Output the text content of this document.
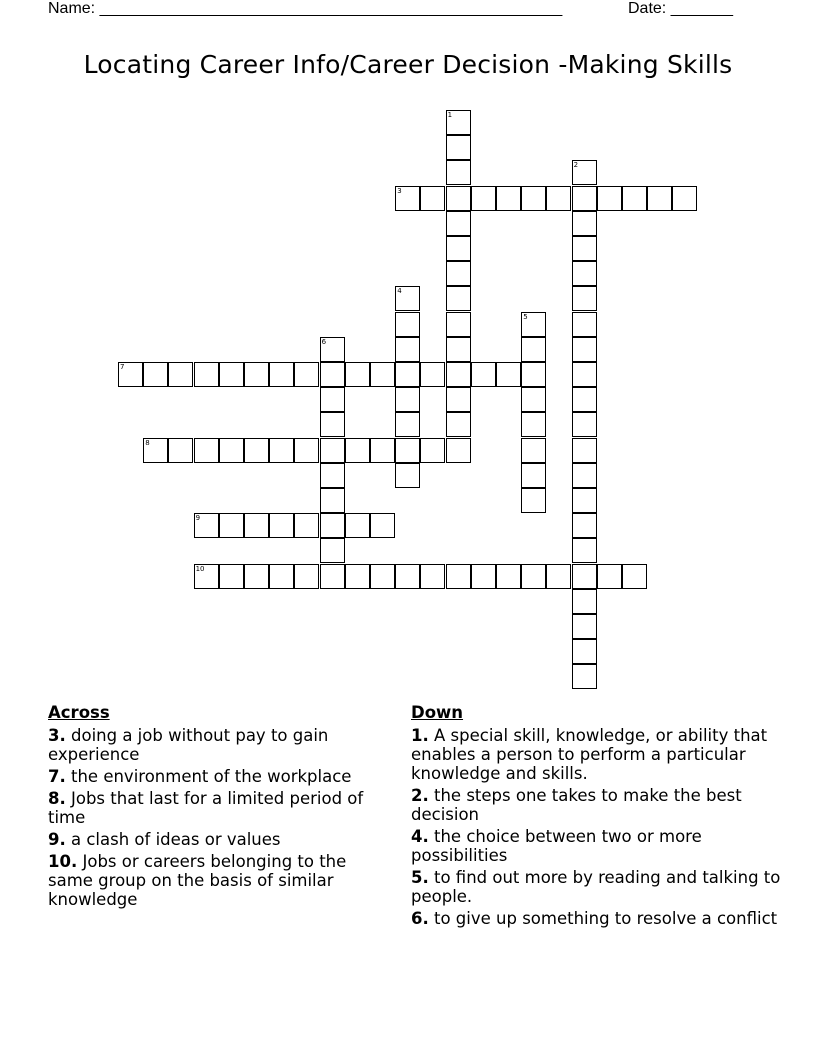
Name: ____________________________________________________	Date: _______
Locating Career Info/Career Decision -Making Skills
1
2
3
4
5
6
7
8
9
10
Across
3. doing a job without pay to gain experience
7. the environment of the workplace
8. Jobs that last for a limited period of time
9. a clash of ideas or values
10. Jobs or careers belonging to the same group on the basis of similar knowledge
Down
1. A special skill, knowledge, or ability that enables a person to perform a particular knowledge and skills.
2. the steps one takes to make the best decision
4. the choice between two or more possibilities
5. to find out more by reading and talking to people.
6. to give up something to resolve a conflict
